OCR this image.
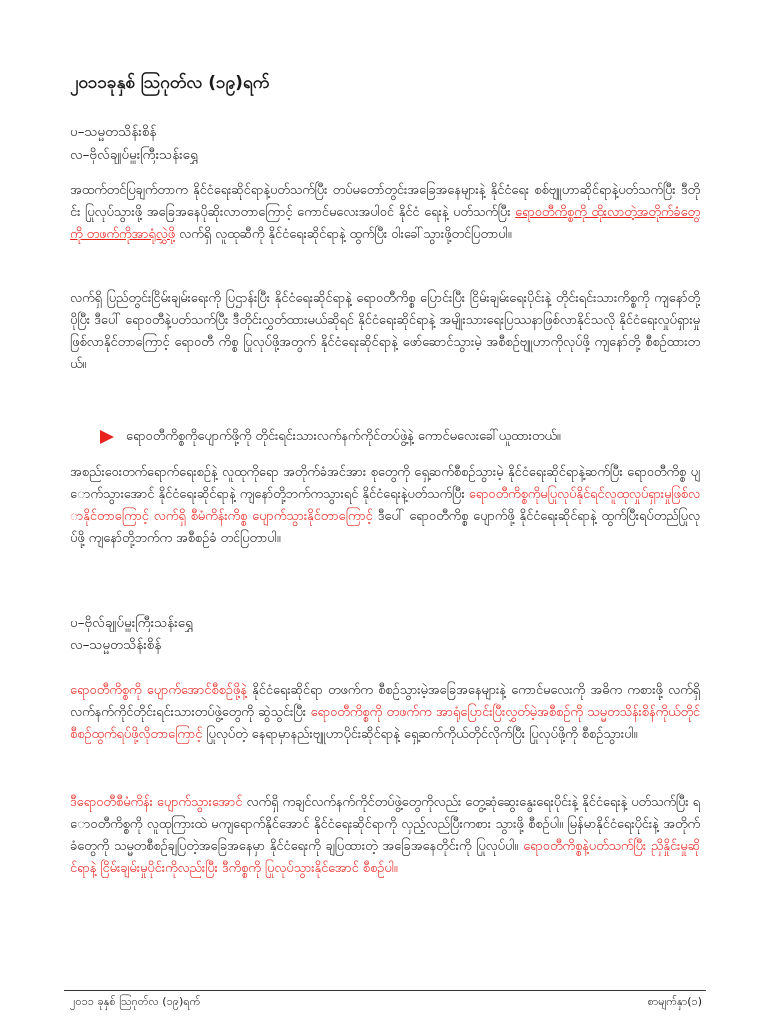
၂၀၁၁ခုနှစ် ဩဂုတ်လ (၁၉)ရက်
ပ–သမ္မတသိန်းစိန်
လ–ဗိုလ်ချုပ်မှူးကြီးသန်းရွှေ
အထက်တင်ပြချက်တာက နိုင်ငံရေးဆိုင်ရာနဲ့ပတ်သက်ပြီး တပ်မတော်တွင်းအခြေအနေများနဲ့ နိုင်ငံရေး စစ်ဗျူဟာဆိုင်ရာနဲ့ပတ်သက်ပြီး ဒီတိုင်း ပြုလုပ်သွားဖို့ အခြေအနေပိုဆိုးလာတာကြောင့် ကောင်မလေးအပါဝင် နိုင်ငံ ရေးနဲ့ ပတ်သက်ပြီး ရောဝတီကိစ္စကို ထိုးလာတဲ့အတိုက်ခံတွေကို တဖက်ကိုအာရုံလွှဲဖို့ လက်ရှိ လူထုဆီကို နိုင်ငံရေးဆိုင်ရာနဲ့ ထွက်ပြီး ဝါးခေါ်သွားဖို့တင်ပြတာပါ။
လက်ရှိ ပြည်တွင်းငြိမ်းချမ်းရေးကို ပြဌာန်းပြီး နိုင်ငံရေးဆိုင်ရာနဲ့ ရောဝတီကိစ္စ ပြောင်းပြီး ငြိမ်းချမ်းရေးပိုင်းနဲ့ တိုင်းရင်းသားကိစ္စကို ကျနော်တို့ ပိုပြီး ဒီပေါ် ရောဝတီနဲ့ပတ်သက်ပြီး ဒီတိုင်းလွှတ်ထားမယ်ဆိုရင် နိုင်ငံရေးဆိုင်ရာနဲ့ အမျိုးသားရေးပြဿနာဖြစ်လာနိုင်သလို နိုင်ငံရေးလှုပ်ရှားမှုဖြစ်လာနိုင်တာကြောင့် ရောဝတီ ကိစ္စ ပြုလုပ်ဖို့အတွက် နိုင်ငံရေးဆိုင်ရာနဲ့ ဖော်ဆောင်သွားမဲ့ အစီစဉ်ဗျူဟာကိုလုပ်ဖို့ ကျနော်တို့ စီစဉ်ထားတယ်။
ရောဝတီကိစ္စကိုပျောက်ဖို့ကို တိုင်းရင်းသားလက်နက်ကိုင်တပ်ဖွဲ့နဲ့ ကောင်မလေးခေါ်ယူထားတယ်။
အစည်းဝေးတက်ရောက်ရေးစဉ်နဲ့ လူထုကိုရော အတိုက်ခံအင်အား စုတွေကို ရှေ့ဆက်စီစဉ်သွားမဲ့ နိုင်ငံရေးဆိုင်ရာနဲ့ဆက်ပြီး ရောဝတီကိစ္စ ပျောက်သွားအောင် နိုင်ငံရေးဆိုင်ရာနဲ့ ကျနော်တို့ဘက်ကသွားရင် နိုင်ငံရေးနဲ့ပတ်သက်ပြီး ရောဝတီကိစ္စကိုမပြုလုပ်နိုင်ရင်လူထုလှုပ်ရှားမှုဖြစ်လာနိုင်တာကြောင့် လက်ရှိ စီမံကိန်းကိစ္စ ပျောက်သွားနိုင်တာကြောင့် ဒီပေါ် ရောဝတီကိစ္စ ပျောက်ဖို့ နိုင်ငံရေးဆိုင်ရာနဲ့ ထွက်ပြီးရပ်တည်ပြုလုပ်ဖို့ ကျနော်တို့ဘက်က အစီစဉ်ခံ တင်ပြတာပါ။
ပ–ဗိုလ်ချုပ်မှူးကြီးသန်းရွှေ
လ–သမ္မတသိန်းစိန်
ရောဝတီကိစ္စကို ပျောက်အောင်စီစဉ်ဖို့နဲ့ နိုင်ငံရေးဆိုင်ရာ တဖက်က စီစဉ်သွားမဲ့အခြေအနေများနဲ့ ကောင်မလေးကို အဓိက ကစားဖို့ လက်ရှိ လက်နက်ကိုင်တိုင်းရင်းသားတပ်ဖွဲ့တွေကို ဆွဲသွင်းပြီး ရောဝတီကိစ္စကို တဖက်က အာရုံပြောင်းပြီးလွှတ်မဲ့အစီစဉ်ကို သမ္မတသိန်းစိန်ကိုယ်တိုင် စီစဉ်ထွက်ရပ်ဖို့လိုတာကြောင့် ပြုလုပ်တဲ့ နေရာမှာနည်းဗျူဟာပိုင်းဆိုင်ရာနဲ့ ရှေ့ဆက်ကိုယ်တိုင်လိုက်ပြီး ပြုလုပ်ဖို့ကို စီစဉ်သွားပါ။
ဒီရောဝတီစီမံကိန်း ပျောက်သွားအောင် လက်ရှိ ကချင်လက်နက်ကိုင်တပ်ဖွဲ့တွေကိုလည်း တွေ့ဆုံဆွေးနွေးရေးပိုင်းနဲ့ နိုင်ငံရေးနဲ့ ပတ်သက်ပြီး ရောဝတီကိစ္စကို လူထုကြားထဲ မကျရောက်နိုင်အောင် နိုင်ငံရေးဆိုင်ရာကို လှည့်လည်ပြီးကစား သွားဖို့ စီစဉ်ပါ။ မြန်မာနိုင်ငံရေးပိုင်းနဲ့ အတိုက်ခံတွေကို သမ္မတစီစဉ်ချပြတဲ့အခြေအနေမှာ နိုင်ငံရေးကို ချပြထားတဲ့ အခြေအနေတိုင်းကို ပြုလုပ်ပါ။ ရောဝတီကိစ္စနဲ့ပတ်သက်ပြီး ညှိနှိုင်းမှုဆိုင်ရာနဲ့ ငြိမ်းချမ်းမှုပိုင်းကိုလည်းပြီး ဒီကိစ္စကို ပြုလုပ်သွားနိုင်အောင် စီစဉ်ပါ။
၂၀၁၁ ခုနှစ် ဩဂုတ်လ (၁၉)ရက်	စာမျက်နှာ(၁)
